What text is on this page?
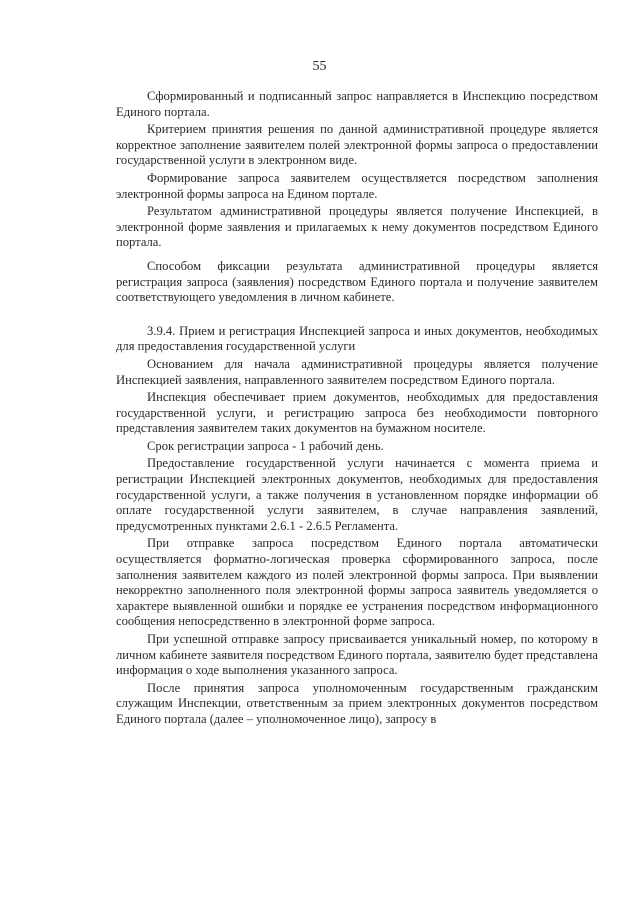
55

Сформированный и подписанный запрос направляется в Инспекцию посредством Единого портала.

Критерием принятия решения по данной административной процедуре является корректное заполнение заявителем полей электронной формы запроса о предоставлении государственной услуги в электронном виде.

Формирование запроса заявителем осуществляется посредством заполнения электронной формы запроса на Едином портале.

Результатом административной процедуры является получение Инспекцией, в электронной форме заявления и прилагаемых к нему документов посредством Единого портала.

Способом фиксации результата административной процедуры является регистрация запроса (заявления) посредством Единого портала и получение заявителем соответствующего уведомления в личном кабинете.

3.9.4. Прием и регистрация Инспекцией запроса и иных документов, необходимых для предоставления государственной услуги

Основанием для начала административной процедуры является получение Инспекцией заявления, направленного заявителем посредством Единого портала.

Инспекция обеспечивает прием документов, необходимых для предоставления государственной услуги, и регистрацию запроса без необходимости повторного представления заявителем таких документов на бумажном носителе.

Срок регистрации запроса - 1 рабочий день.

Предоставление государственной услуги начинается с момента приема и регистрации Инспекцией электронных документов, необходимых для предоставления государственной услуги, а также получения в установленном порядке информации об оплате государственной услуги заявителем, в случае направления заявлений, предусмотренных пунктами 2.6.1 - 2.6.5 Регламента.

При отправке запроса посредством Единого портала автоматически осуществляется форматно-логическая проверка сформированного запроса, после заполнения заявителем каждого из полей электронной формы запроса. При выявлении некорректно заполненного поля электронной формы запроса заявитель уведомляется о характере выявленной ошибки и порядке ее устранения посредством информационного сообщения непосредственно в электронной форме запроса.

При успешной отправке запросу присваивается уникальный номер, по которому в личном кабинете заявителя посредством Единого портала, заявителю будет представлена информация о ходе выполнения указанного запроса.

После принятия запроса уполномоченным государственным гражданским служащим Инспекции, ответственным за прием электронных документов посредством Единого портала (далее – уполномоченное лицо), запросу в
